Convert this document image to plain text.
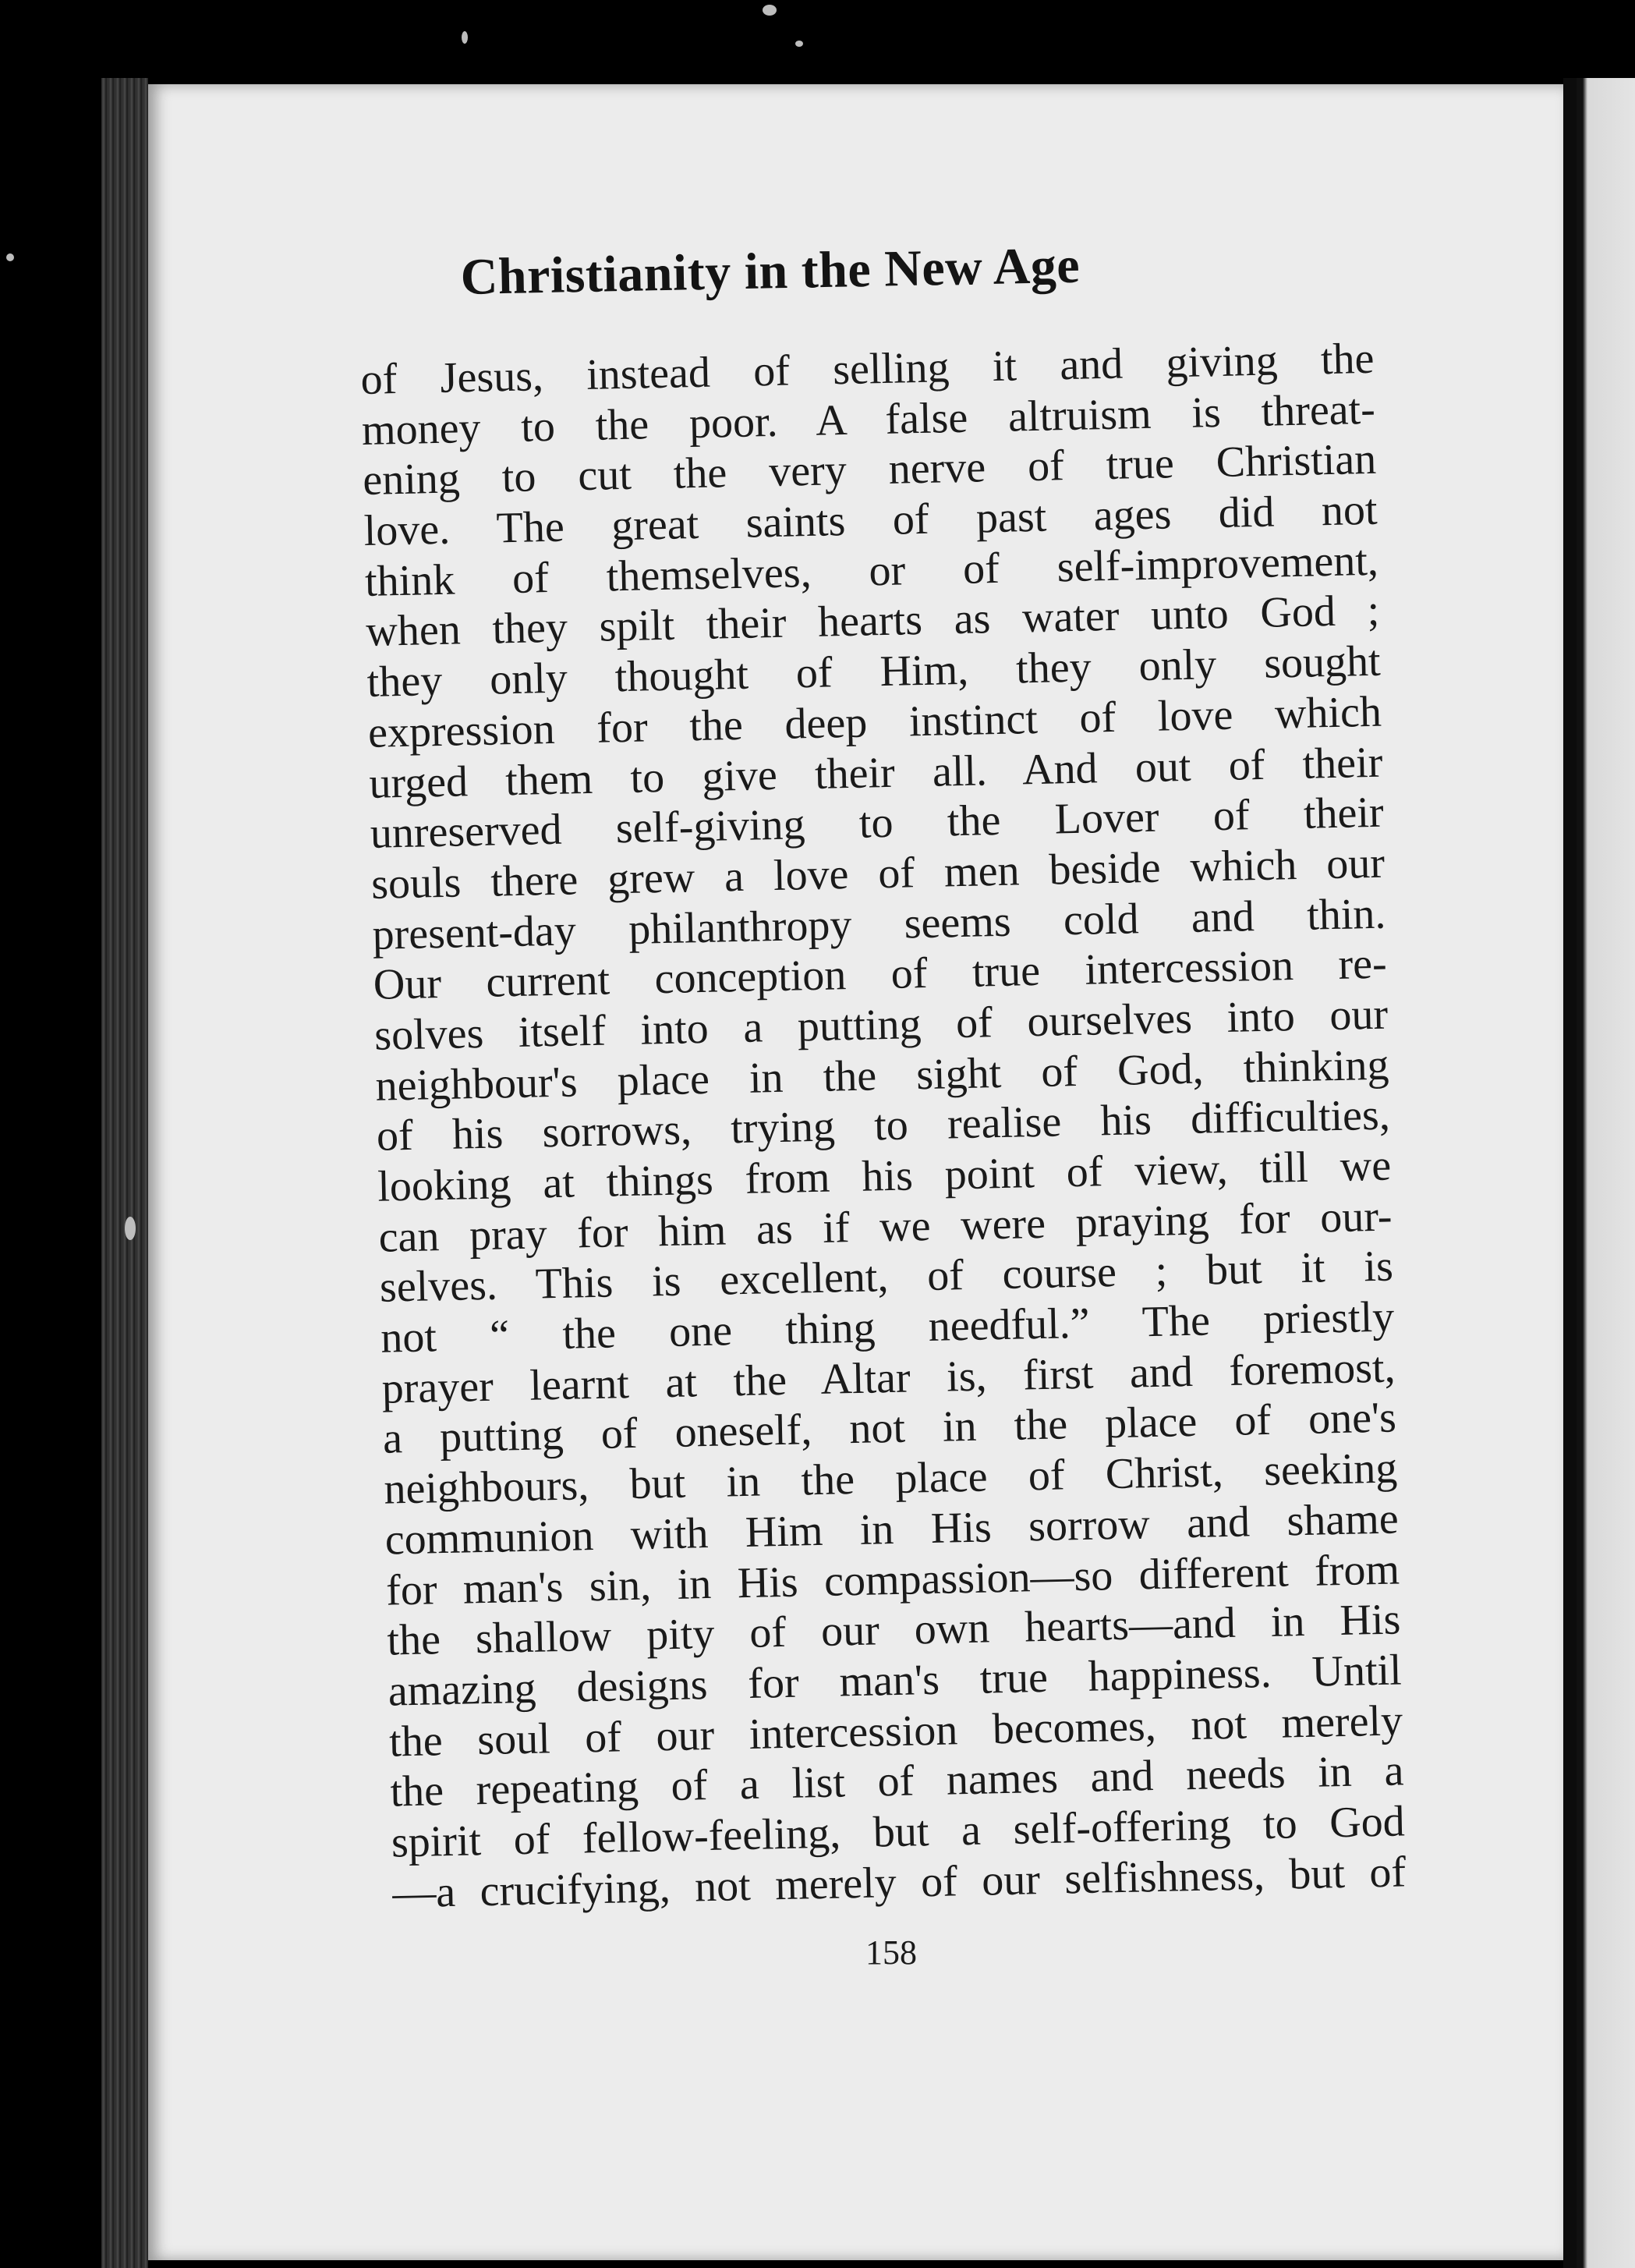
Christianity in the New Age
of Jesus, instead of selling it and giving the
money to the poor. A false altruism is threat-
ening to cut the very nerve of true Christian
love. The great saints of past ages did not
think of themselves, or of self-improvement,
when they spilt their hearts as water unto God ;
they only thought of Him, they only sought
expression for the deep instinct of love which
urged them to give their all. And out of their
unreserved self-giving to the Lover of their
souls there grew a love of men beside which our
present-day philanthropy seems cold and thin.
Our current conception of true intercession re-
solves itself into a putting of ourselves into our
neighbour's place in the sight of God, thinking
of his sorrows, trying to realise his difficulties,
looking at things from his point of view, till we
can pray for him as if we were praying for our-
selves. This is excellent, of course ; but it is
not “ the one thing needful.” The priestly
prayer learnt at the Altar is, first and foremost,
a putting of oneself, not in the place of one's
neighbours, but in the place of Christ, seeking
communion with Him in His sorrow and shame
for man's sin, in His compassion—so different from
the shallow pity of our own hearts—and in His
amazing designs for man's true happiness. Until
the soul of our intercession becomes, not merely
the repeating of a list of names and needs in a
spirit of fellow-feeling, but a self-offering to God
—a crucifying, not merely of our selfishness, but of
158
